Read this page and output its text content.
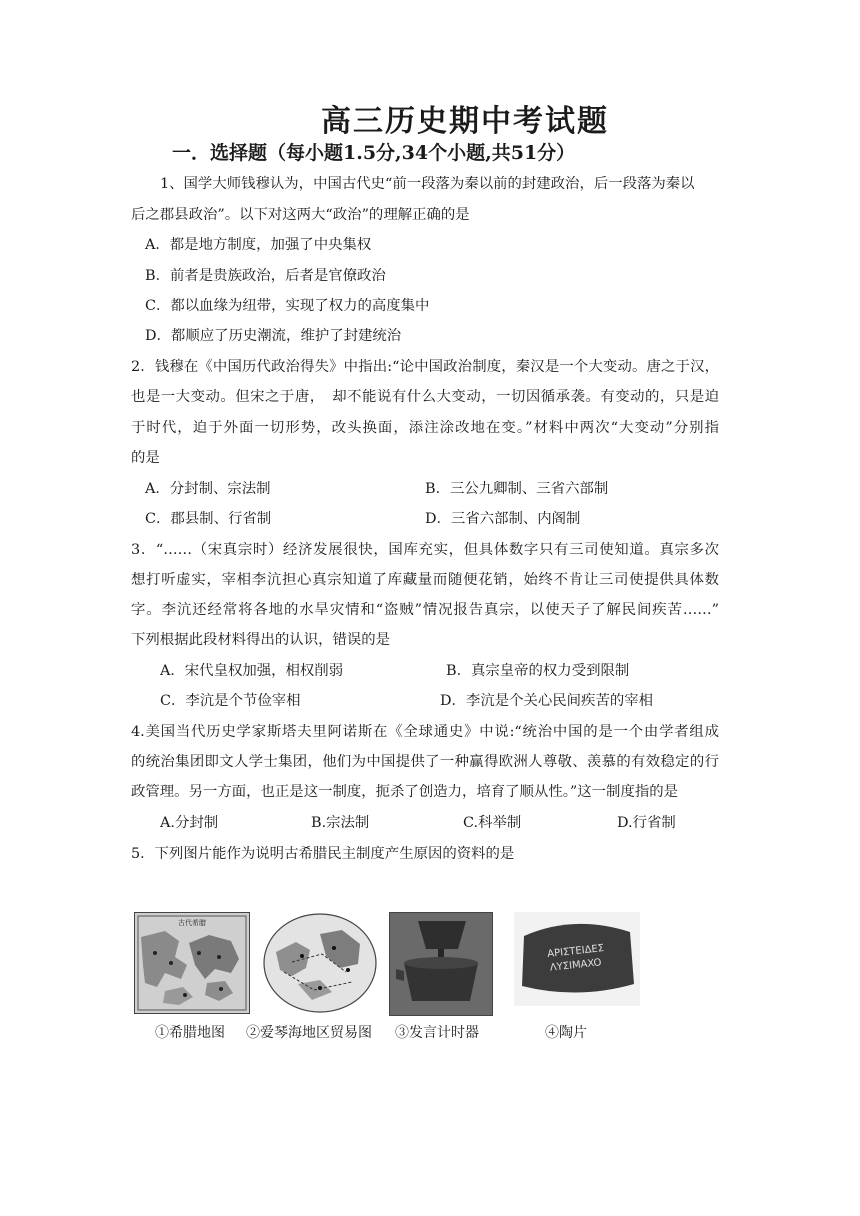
高三历史期中考试题
一．选择题（每小题1.5分,34个小题,共51分）
1、国学大师钱穆认为，中国古代史“前一段落为秦以前的封建政治，后一段落为秦以
后之郡县政治”。以下对这两大“政治”的理解正确的是
A．都是地方制度，加强了中央集权
B．前者是贵族政治，后者是官僚政治
C．都以血缘为纽带，实现了权力的高度集中
D．都顺应了历史潮流，维护了封建统治
2．钱穆在《中国历代政治得失》中指出:“论中国政治制度，秦汉是一个大变动。唐之于汉，
也是一大变动。但宋之于唐，　却不能说有什么大变动，一切因循承袭。有变动的，只是迫
于时代，迫于外面一切形势，改头换面，添注涂改地在变。”材料中两次“大变动”分别指
的是
A．分封制、宗法制	B．三公九卿制、三省六部制
C．郡县制、行省制	D．三省六部制、内阁制
3．“……（宋真宗时）经济发展很快，国库充实，但具体数字只有三司使知道。真宗多次
想打听虚实，宰相李沆担心真宗知道了库藏量而随便花销，始终不肯让三司使提供具体数
字。李沆还经常将各地的水旱灾情和“盗贼”情况报告真宗，以使天子了解民间疾苦……”
下列根据此段材料得出的认识，错误的是
A．宋代皇权加强，相权削弱	B．真宗皇帝的权力受到限制
C．李沆是个节俭宰相	D．李沆是个关心民间疾苦的宰相
4.美国当代历史学家斯塔夫里阿诺斯在《全球通史》中说:“统治中国的是一个由学者组成
的统治集团即文人学士集团，他们为中国提供了一种赢得欧洲人尊敬、羡慕的有效稳定的行
政管理。另一方面，也正是这一制度，扼杀了创造力，培育了顺从性。”这一制度指的是
A.分封制	B.宗法制	C.科举制	D.行省制
5．下列图片能作为说明古希腊民主制度产生原因的资料的是
古代希腊
APIΣTEIΔEΣ
ΛYΣIMAXO
①希腊地图 ②爱琴海地区贸易图 ③发言计时器	④陶片
